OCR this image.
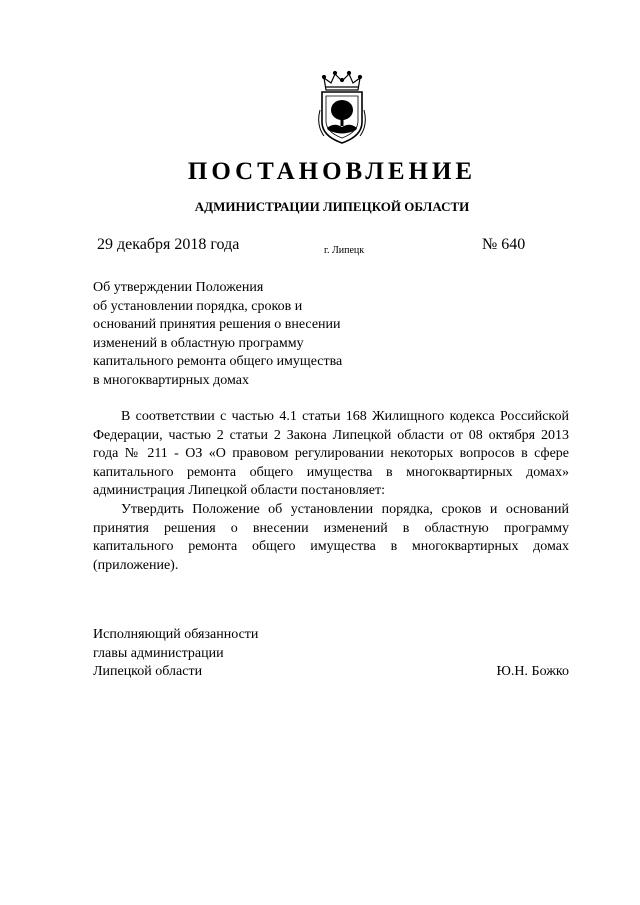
ПОСТАНОВЛЕНИЕ
АДМИНИСТРАЦИИ ЛИПЕЦКОЙ ОБЛАСТИ
29 декабря 2018 года	г. Липецк	№ 640
Об утверждении Положения
об установлении порядка, сроков и
оснований принятия решения о внесении
изменений в областную программу
капитального ремонта общего имущества
в многоквартирных домах

В соответствии с частью 4.1 статьи 168 Жилищного кодекса Российской Федерации, частью 2 статьи 2 Закона Липецкой области от 08 октября 2013 года № 211 - ОЗ «О правовом регулировании некоторых вопросов в сфере капитального ремонта общего имущества в многоквартирных домах» администрация Липецкой области постановляет:

Утвердить Положение об установлении порядка, сроков и оснований принятия решения о внесении изменений в областную программу капитального ремонта общего имущества в многоквартирных домах (приложение).

Исполняющий обязанности
главы администрации
Липецкой области	Ю.Н. Божко
